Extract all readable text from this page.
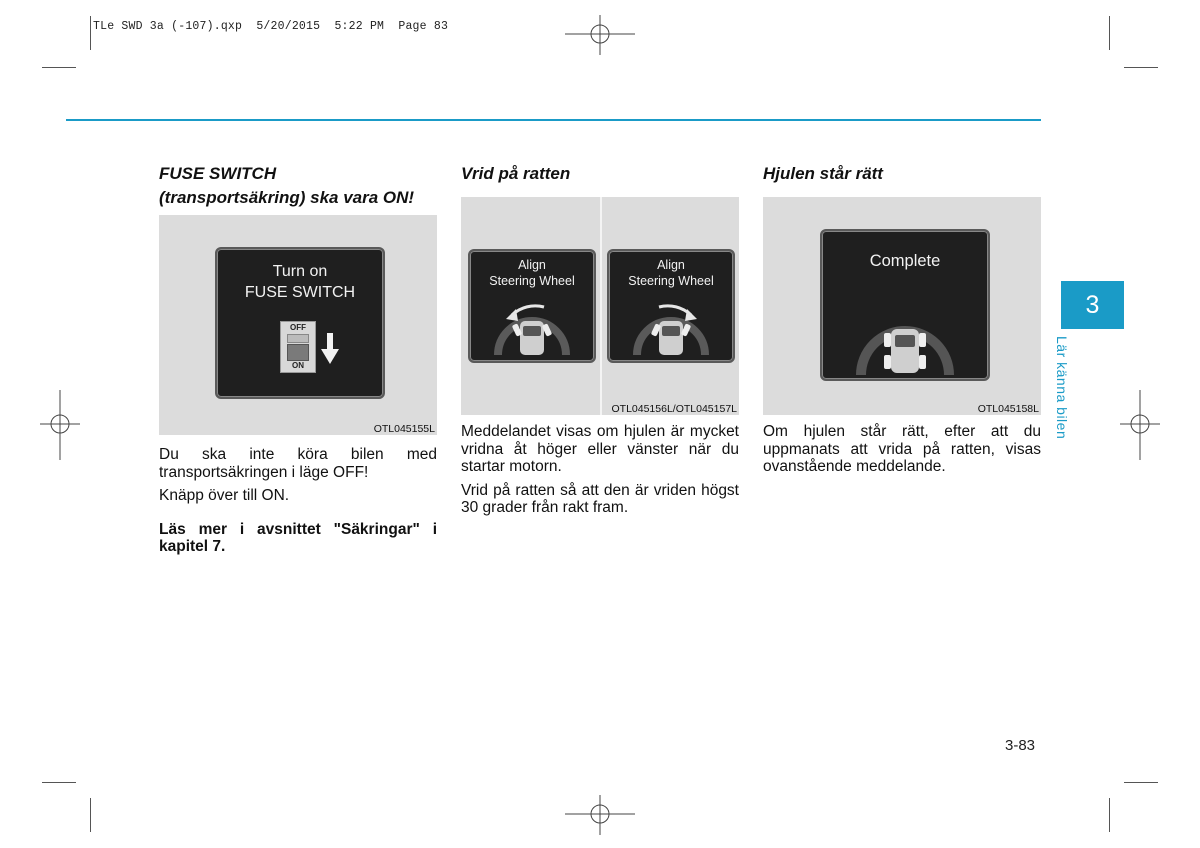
TLe SWD 3a (-107).qxp  5/20/2015  5:22 PM  Page 83
FUSE SWITCH
(transportsäkring) ska vara ON!
Turn on
FUSE SWITCH
OFF
ON
OTL045155L

Du ska inte köra bilen med transportsäkringen i läge OFF!

Knäpp över till ON.

Läs mer i avsnittet "Säkringar" i kapitel 7.

Vrid på ratten
Align
Steering Wheel
Align
Steering Wheel
OTL045156L/OTL045157L

Meddelandet visas om hjulen är mycket vridna åt höger eller vänster när du startar motorn.

Vrid på ratten så att den är vriden högst 30 grader från rakt fram.

Hjulen står rätt
Complete
OTL045158L

Om hjulen står rätt, efter att du uppmanats att vrida på ratten, visas ovanstående meddelande.

3
Lär känna bilen
3-83
